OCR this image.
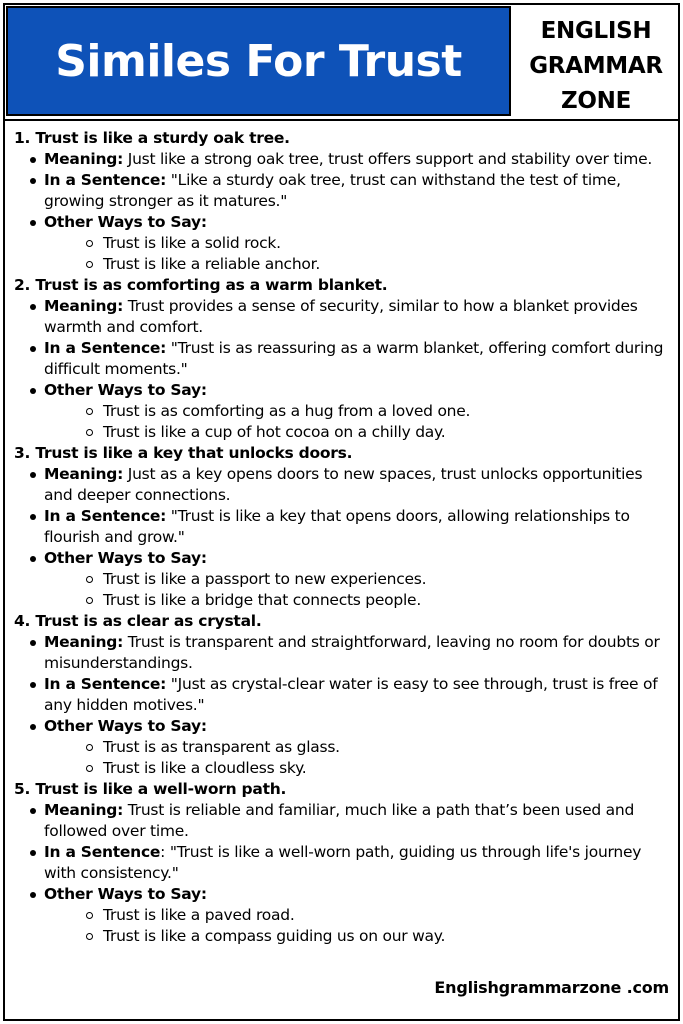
Similes For Trust
ENGLISH
GRAMMAR
ZONE

1. Trust is like a sturdy oak tree.

Meaning: Just like a strong oak tree, trust offers support and stability over time.
In a Sentence: "Like a sturdy oak tree, trust can withstand the test of time, growing stronger as it matures."
Other Ways to Say:
Trust is like a solid rock.
Trust is like a reliable anchor.

2. Trust is as comforting as a warm blanket.

Meaning: Trust provides a sense of security, similar to how a blanket provides warmth and comfort.
In a Sentence: "Trust is as reassuring as a warm blanket, offering comfort during difficult moments."
Other Ways to Say:
Trust is as comforting as a hug from a loved one.
Trust is like a cup of hot cocoa on a chilly day.

3. Trust is like a key that unlocks doors.

Meaning: Just as a key opens doors to new spaces, trust unlocks opportunities and deeper connections.
In a Sentence: "Trust is like a key that opens doors, allowing relationships to flourish and grow."
Other Ways to Say:
Trust is like a passport to new experiences.
Trust is like a bridge that connects people.

4. Trust is as clear as crystal.

Meaning: Trust is transparent and straightforward, leaving no room for doubts or misunderstandings.
In a Sentence: "Just as crystal-clear water is easy to see through, trust is free of any hidden motives."
Other Ways to Say:
Trust is as transparent as glass.
Trust is like a cloudless sky.

5. Trust is like a well-worn path.

Meaning: Trust is reliable and familiar, much like a path that’s been used and followed over time.
In a Sentence: "Trust is like a well-worn path, guiding us through life's journey with consistency."
Other Ways to Say:
Trust is like a paved road.
Trust is like a compass guiding us on our way.
Englishgrammarzone .com
